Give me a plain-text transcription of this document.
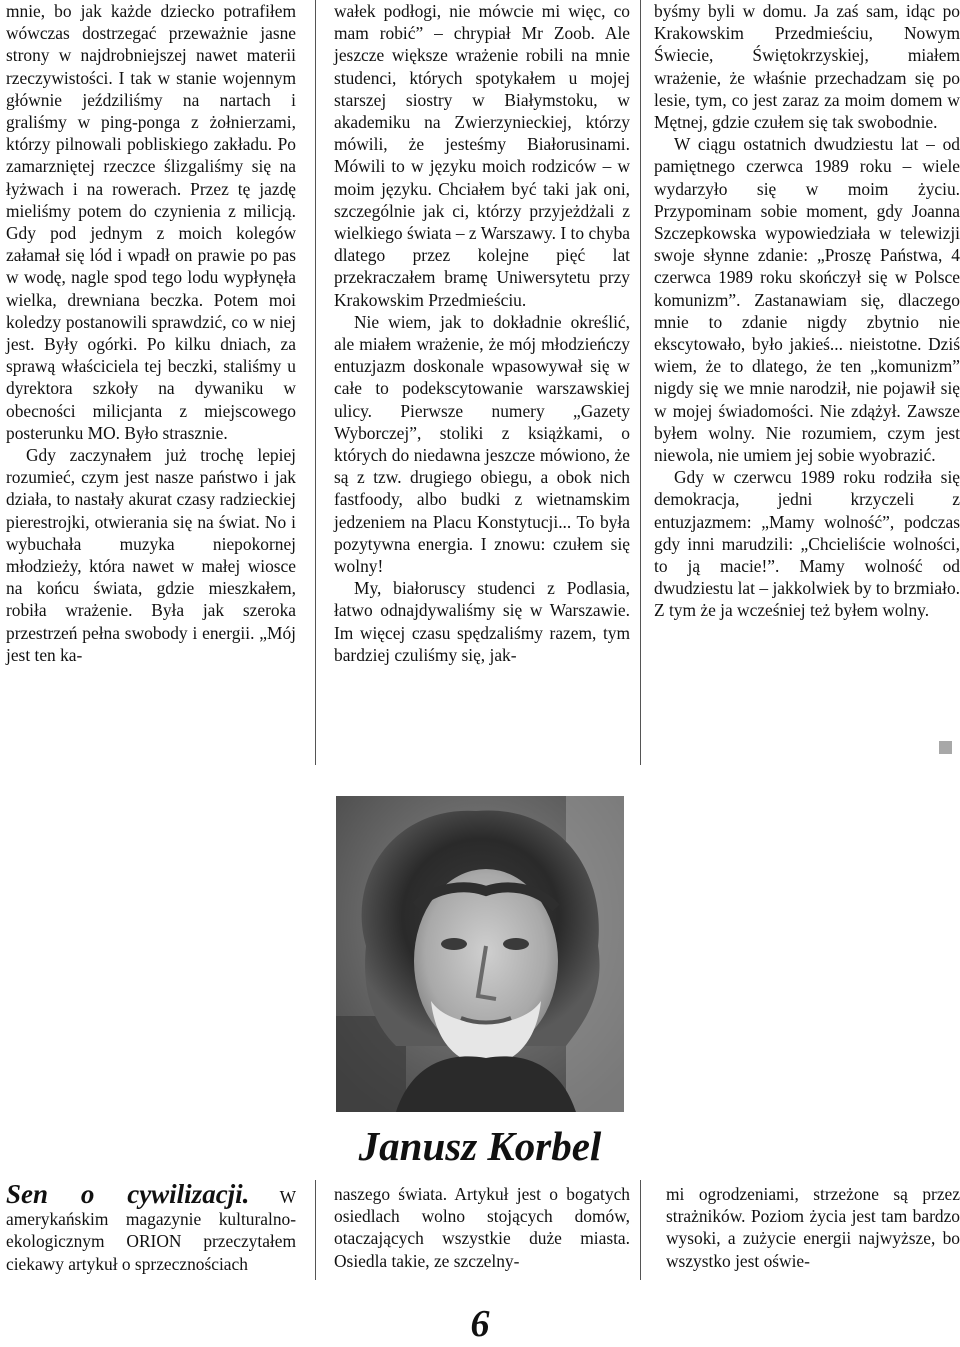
mnie, bo jak każde dziecko potrafiłem wówczas dostrzegać przeważnie jasne strony w najdrobniejszej nawet materii rzeczywistości. I tak w stanie wojennym głównie jeździliśmy na nartach i graliśmy w ping-ponga z żołnierzami, którzy pilnowali pobliskiego zakładu. Po zamarzniętej rzeczce ślizgaliśmy się na łyżwach i na rowerach. Przez tę jazdę mieliśmy potem do czynienia z milicją. Gdy pod jednym z moich kolegów załamał się lód i wpadł on prawie po pas w wodę, nagle spod tego lodu wypłynęła wielka, drewniana beczka. Potem moi koledzy postanowili sprawdzić, co w niej jest. Były ogórki. Po kilku dniach, za sprawą właściciela tej beczki, staliśmy u dyrektora szkoły na dywaniku w obecności milicjanta z miejscowego posterunku MO. Było strasznie.

Gdy zaczynałem już trochę lepiej rozumieć, czym jest nasze państwo i jak działa, to nastały akurat czasy radzieckiej pierestrojki, otwierania się na świat. No i wybuchała muzyka niepokornej młodzieży, która nawet w małej wiosce na końcu świata, gdzie mieszkałem, robiła wrażenie. Była jak szeroka przestrzeń pełna swobody i energii. „Mój jest ten ka-

wałek podłogi, nie mówcie mi więc, co mam robić” – chrypiał Mr Zoob. Ale jeszcze większe wrażenie robili na mnie studenci, których spotykałem u mojej starszej siostry w Białymstoku, w akademiku na Zwierzynieckiej, którzy mówili, że jesteśmy Białorusinami. Mówili to w języku moich rodziców – w moim języku. Chciałem być taki jak oni, szczególnie jak ci, którzy przyjeżdżali z wielkiego świata – z Warszawy. I to chyba dlatego przez kolejne pięć lat przekraczałem bramę Uniwersytetu przy Krakowskim Przedmieściu.

Nie wiem, jak to dokładnie określić, ale miałem wrażenie, że mój młodzieńczy entuzjazm doskonale wpasowywał się w całe to podekscytowanie warszawskiej ulicy. Pierwsze numery „Gazety Wyborczej”, stoliki z książkami, o których do niedawna jeszcze mówiono, że są z tzw. drugiego obiegu, a obok nich fastfoody, albo budki z wietnamskim jedzeniem na Placu Konstytucji... To była pozytywna energia. I znowu: czułem się wolny!

My, białoruscy studenci z Podlasia, łatwo odnajdywaliśmy się w Warszawie. Im więcej czasu spędzaliśmy razem, tym bardziej czuliśmy się, jak-

byśmy byli w domu. Ja zaś sam, idąc po Krakowskim Przedmieściu, Nowym Świecie, Świętokrzyskiej, miałem wrażenie, że właśnie przechadzam się po lesie, tym, co jest zaraz za moim domem w Mętnej, gdzie czułem się tak swobodnie.

W ciągu ostatnich dwudziestu lat – od pamiętnego czerwca 1989 roku – wiele wydarzyło się w moim życiu. Przypominam sobie moment, gdy Joanna Szczepkowska wypowiedziała w telewizji swoje słynne zdanie: „Proszę Państwa, 4 czerwca 1989 roku skończył się w Polsce komunizm”. Zastanawiam się, dlaczego mnie to zdanie nigdy zbytnio nie ekscytowało, było jakieś... nieistotne. Dziś wiem, że to dlatego, że ten „komunizm” nigdy się we mnie narodził, nie pojawił się w mojej świadomości. Nie zdążył. Zawsze byłem wolny. Nie rozumiem, czym jest niewola, nie umiem jej sobie wyobrazić.

Gdy w czerwcu 1989 roku rodziła się demokracja, jedni krzyczeli z entuzjazmem: „Mamy wolność”, podczas gdy inni marudzili: „Chcieliście wolności, to ją macie!”. Mamy wolność od dwudziestu lat – jakkolwiek by to brzmiało. Z tym że ja wcześniej też byłem wolny.

Janusz Korbel

Sen o cywilizacji. W amerykańskim magazynie kulturalno-ekologicznym ORION przeczytałem ciekawy artykuł o sprzecznościach

naszego świata. Artykuł jest o bogatych osiedlach wolno stojących domów, otaczających wszystkie duże miasta. Osiedla takie, ze szczelny-

mi ogrodzeniami, strzeżone są przez strażników. Poziom życia jest tam bardzo wysoki, a zużycie energii najwyższe, bo wszystko jest oświe-

6
